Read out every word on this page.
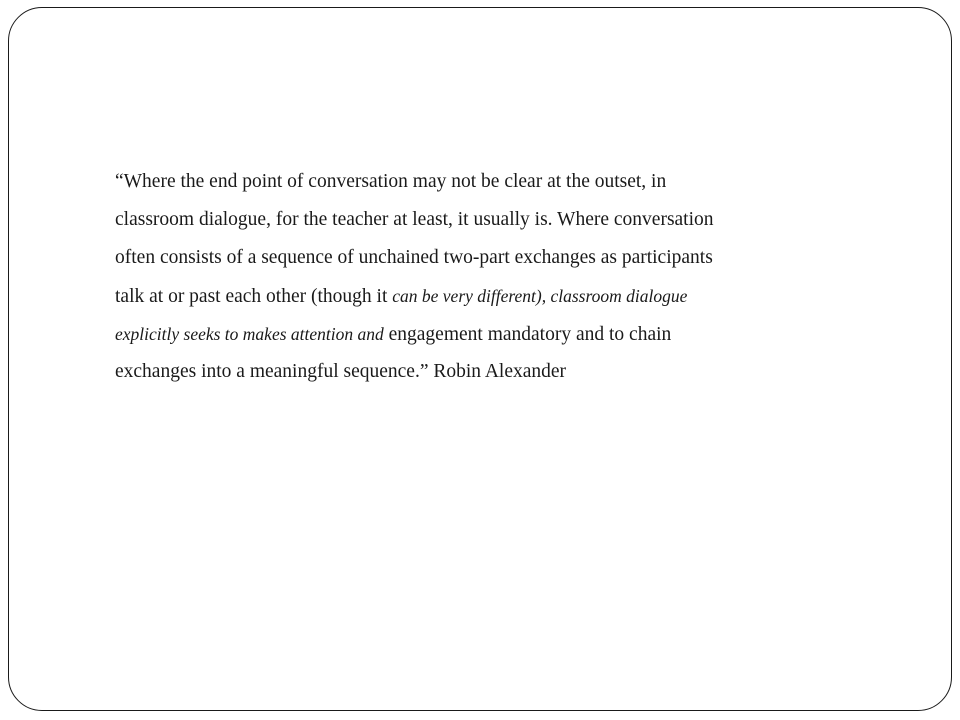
“Where the end point of conversation may not be clear at the outset, in
classroom dialogue, for the teacher at least, it usually is. Where conversation
often consists of a sequence of unchained two-part exchanges as participants
talk at or past each other (though it can be very different), classroom dialogue
explicitly seeks to makes attention and engagement mandatory and to chain
exchanges into a meaningful sequence.” Robin Alexander
